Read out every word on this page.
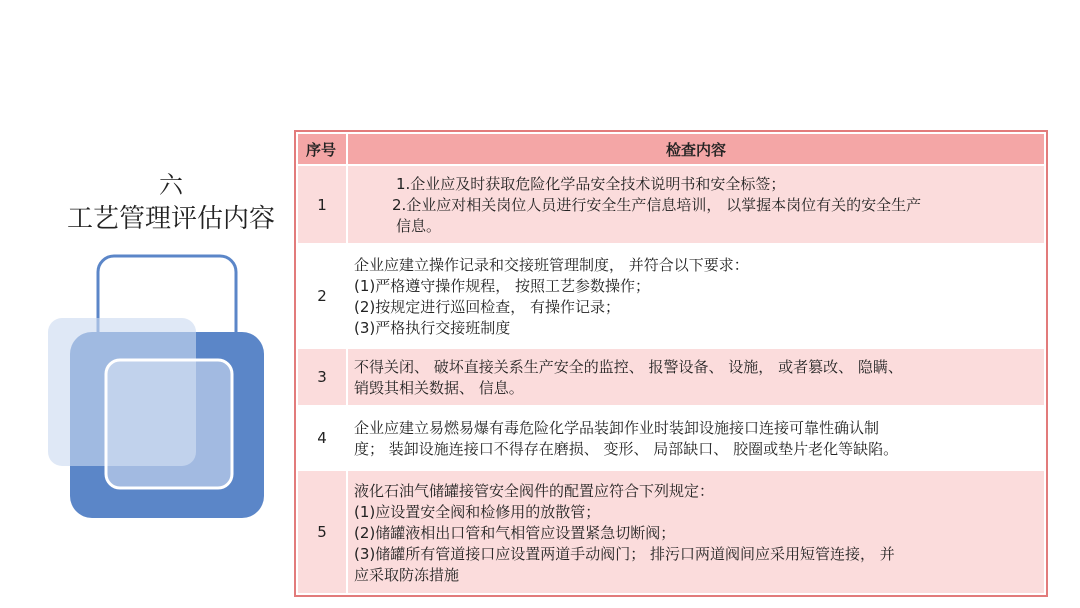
六
工艺管理评估内容
序号	检查内容
1	1.企业应及时获取危险化学品安全技术说明书和安全标签；
2.企业应对相关岗位人员进行安全生产信息培训， 以掌握本岗位有关的安全生产
信息。

2	企业应建立操作记录和交接班管理制度， 并符合以下要求：
(1)严格遵守操作规程， 按照工艺参数操作；
(2)按规定进行巡回检查， 有操作记录；
(3)严格执行交接班制度

3	不得关闭、 破坏直接关系生产安全的监控、 报警设备、 设施， 或者篡改、 隐瞒、
销毁其相关数据、 信息。

4	企业应建立易燃易爆有毒危险化学品装卸作业时装卸设施接口连接可靠性确认制
度； 装卸设施连接口不得存在磨损、 变形、 局部缺口、 胶圈或垫片老化等缺陷。

5	液化石油气储罐接管安全阀件的配置应符合下列规定：
(1)应设置安全阀和检修用的放散管；
(2)储罐液相出口管和气相管应设置紧急切断阀；
(3)储罐所有管道接口应设置两道手动阀门； 排污口两道阀间应采用短管连接， 并
应采取防冻措施
